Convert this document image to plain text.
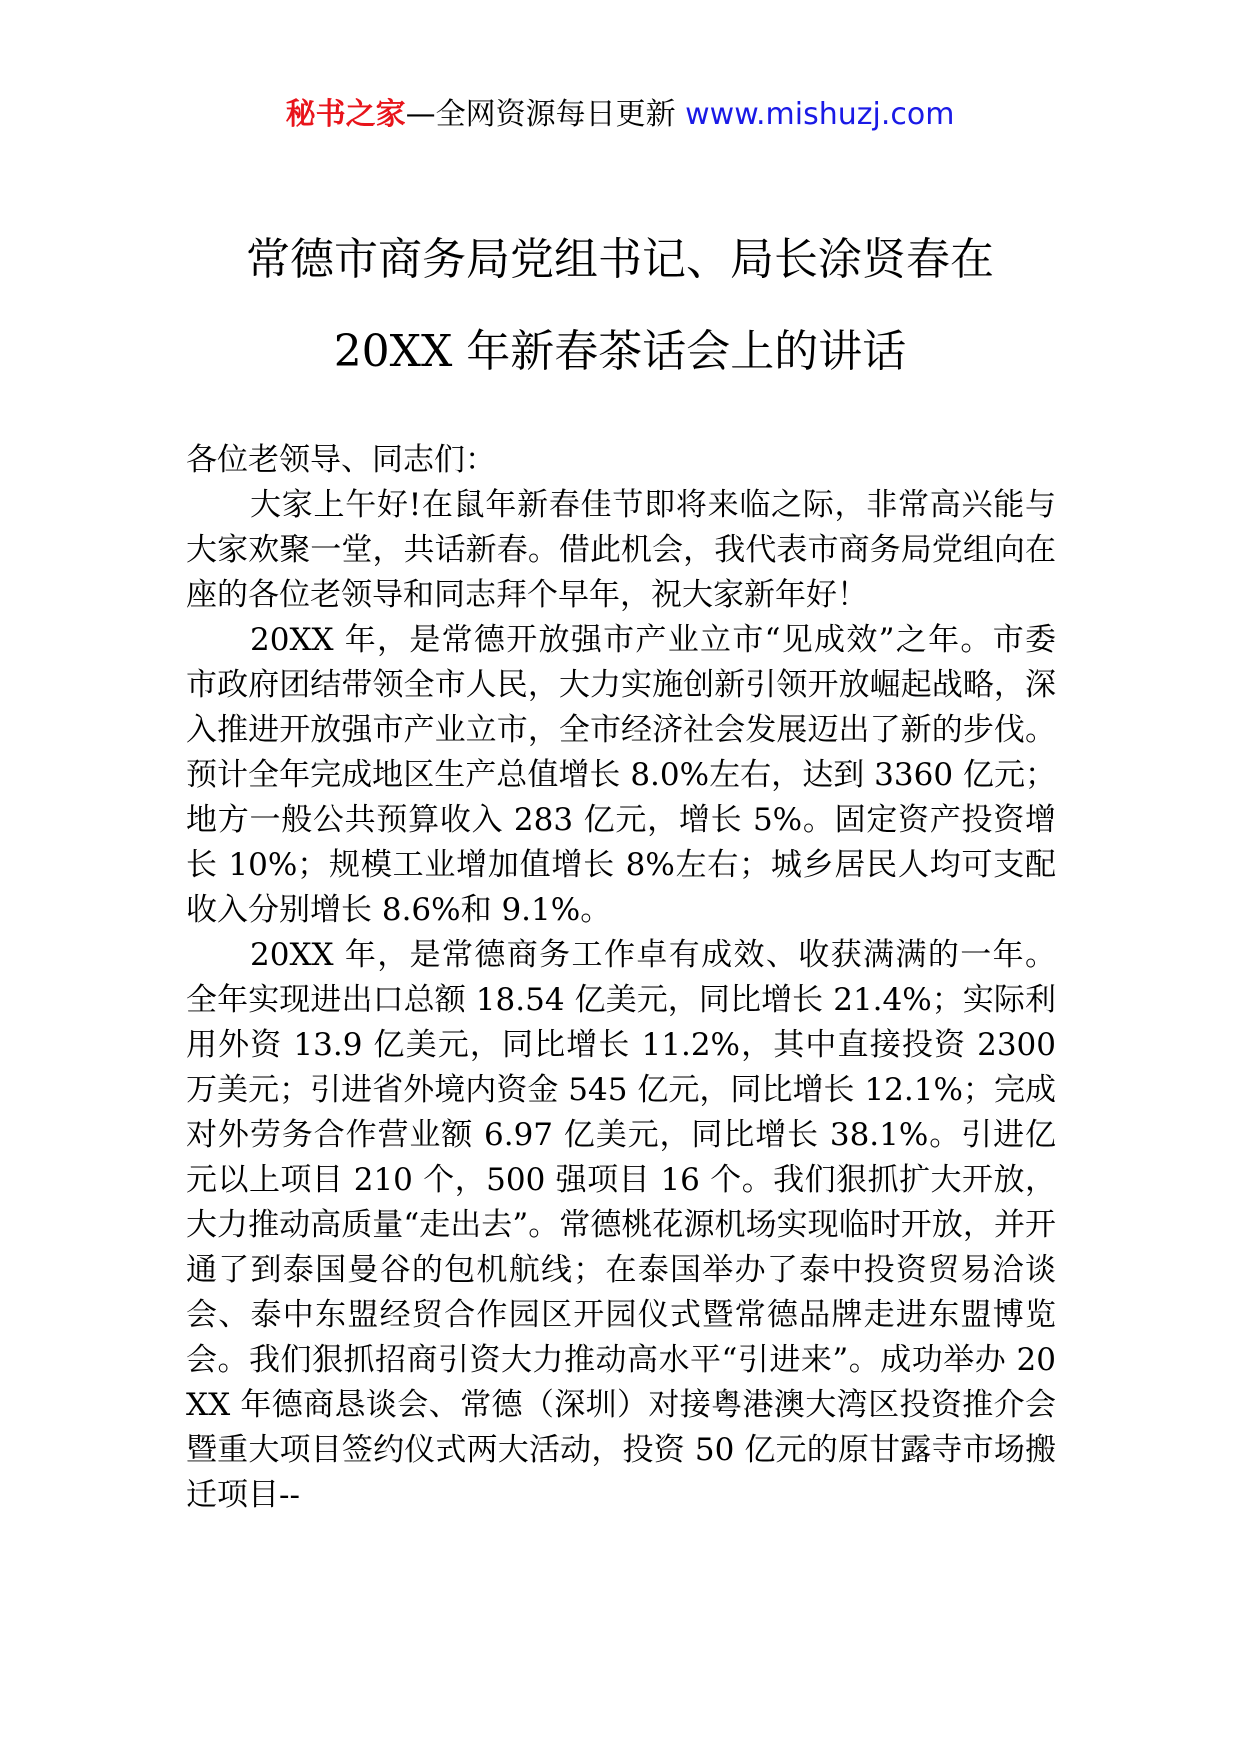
秘书之家—全网资源每日更新 www.mishuzj.com
常德市商务局党组书记、局长涂贤春在
20XX 年新春茶话会上的讲话

各位老领导、同志们：

大家上午好!在鼠年新春佳节即将来临之际，非常高兴能与大家欢聚一堂，共话新春。借此机会，我代表市商务局党组向在座的各位老领导和同志拜个早年，祝大家新年好！

20XX 年，是常德开放强市产业立市“见成效”之年。市委市政府团结带领全市人民，大力实施创新引领开放崛起战略，深入推进开放强市产业立市，全市经济社会发展迈出了新的步伐。预计全年完成地区生产总值增长 8.0%左右，达到 3360 亿元；地方一般公共预算收入 283 亿元，增长 5%。固定资产投资增长 10%；规模工业增加值增长 8%左右；城乡居民人均可支配收入分别增长 8.6%和 9.1%。

20XX 年，是常德商务工作卓有成效、收获满满的一年。全年实现进出口总额 18.54 亿美元，同比增长 21.4%；实际利用外资 13.9 亿美元，同比增长 11.2%，其中直接投资 2300 万美元；引进省外境内资金 545 亿元，同比增长 12.1%；完成对外劳务合作营业额 6.97 亿美元，同比增长 38.1%。引进亿元以上项目 210 个，500 强项目 16 个。我们狠抓扩大开放，大力推动高质量“走出去”。常德桃花源机场实现临时开放，并开通了到泰国曼谷的包机航线；在泰国举办了泰中投资贸易洽谈会、泰中东盟经贸合作园区开园仪式暨常德品牌走进东盟博览会。我们狠抓招商引资大力推动高水平“引进来”。成功举办 20XX 年德商恳谈会、常德（深圳）对接粤港澳大湾区投资推介会暨重大项目签约仪式两大活动，投资 50 亿元的原甘露寺市场搬迁项目--
